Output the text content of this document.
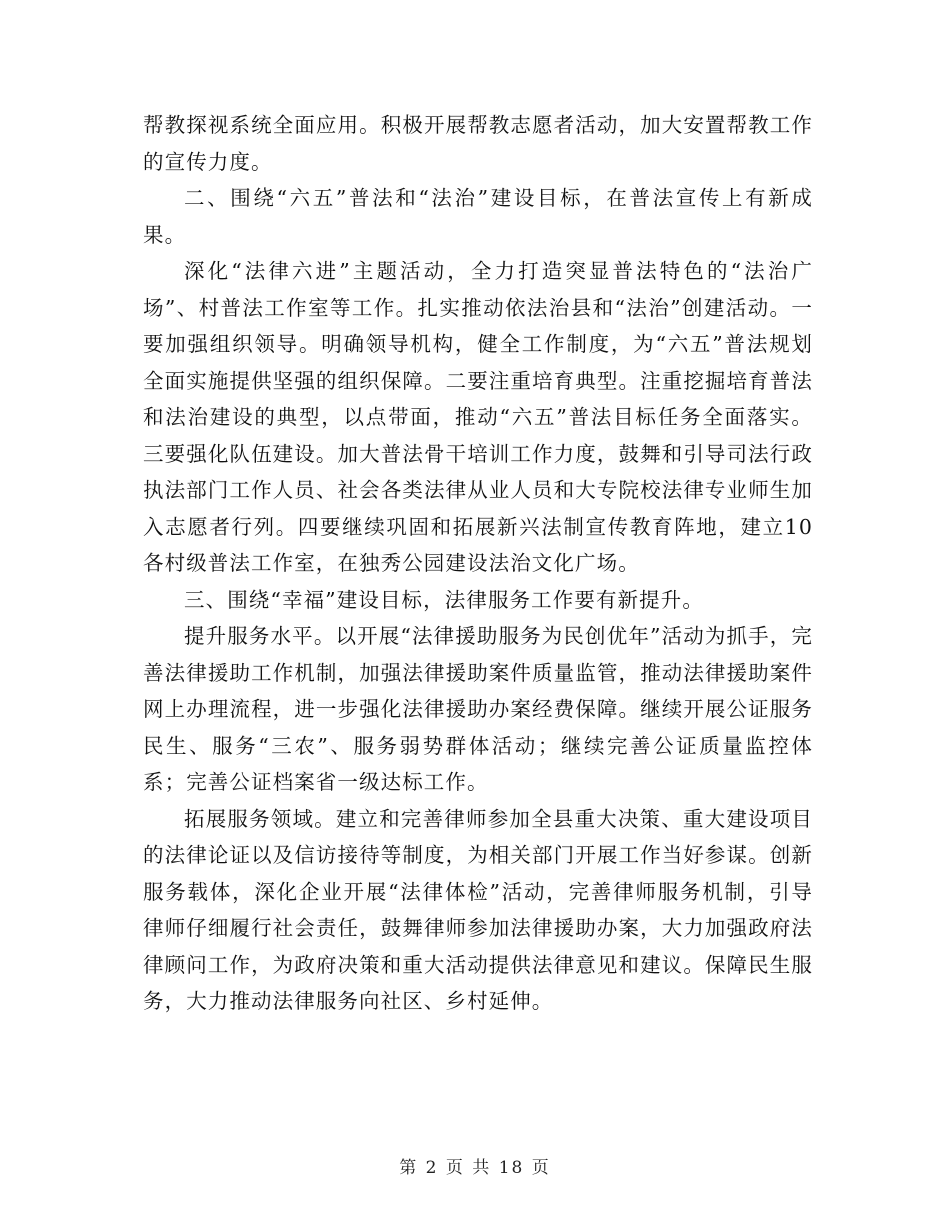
帮教探视系统全面应用。积极开展帮教志愿者活动，加大安置帮教工作的宣传力度。

二、围绕“六五”普法和“法治”建设目标，在普法宣传上有新成果。

深化“法律六进”主题活动，全力打造突显普法特色的“法治广场”、村普法工作室等工作。扎实推动依法治县和“法治”创建活动。一要加强组织领导。明确领导机构，健全工作制度，为“六五”普法规划全面实施提供坚强的组织保障。二要注重培育典型。注重挖掘培育普法和法治建设的典型，以点带面，推动“六五”普法目标任务全面落实。三要强化队伍建设。加大普法骨干培训工作力度，鼓舞和引导司法行政执法部门工作人员、社会各类法律从业人员和大专院校法律专业师生加入志愿者行列。四要继续巩固和拓展新兴法制宣传教育阵地，建立10各村级普法工作室，在独秀公园建设法治文化广场。

三、围绕“幸福”建设目标，法律服务工作要有新提升。

提升服务水平。以开展“法律援助服务为民创优年”活动为抓手，完善法律援助工作机制，加强法律援助案件质量监管，推动法律援助案件网上办理流程，进一步强化法律援助办案经费保障。继续开展公证服务民生、服务“三农”、服务弱势群体活动；继续完善公证质量监控体系；完善公证档案省一级达标工作。

拓展服务领域。建立和完善律师参加全县重大决策、重大建设项目的法律论证以及信访接待等制度，为相关部门开展工作当好参谋。创新服务载体，深化企业开展“法律体检”活动，完善律师服务机制，引导律师仔细履行社会责任，鼓舞律师参加法律援助办案，大力加强政府法律顾问工作，为政府决策和重大活动提供法律意见和建议。保障民生服务，大力推动法律服务向社区、乡村延伸。

第 2 页 共 18 页
